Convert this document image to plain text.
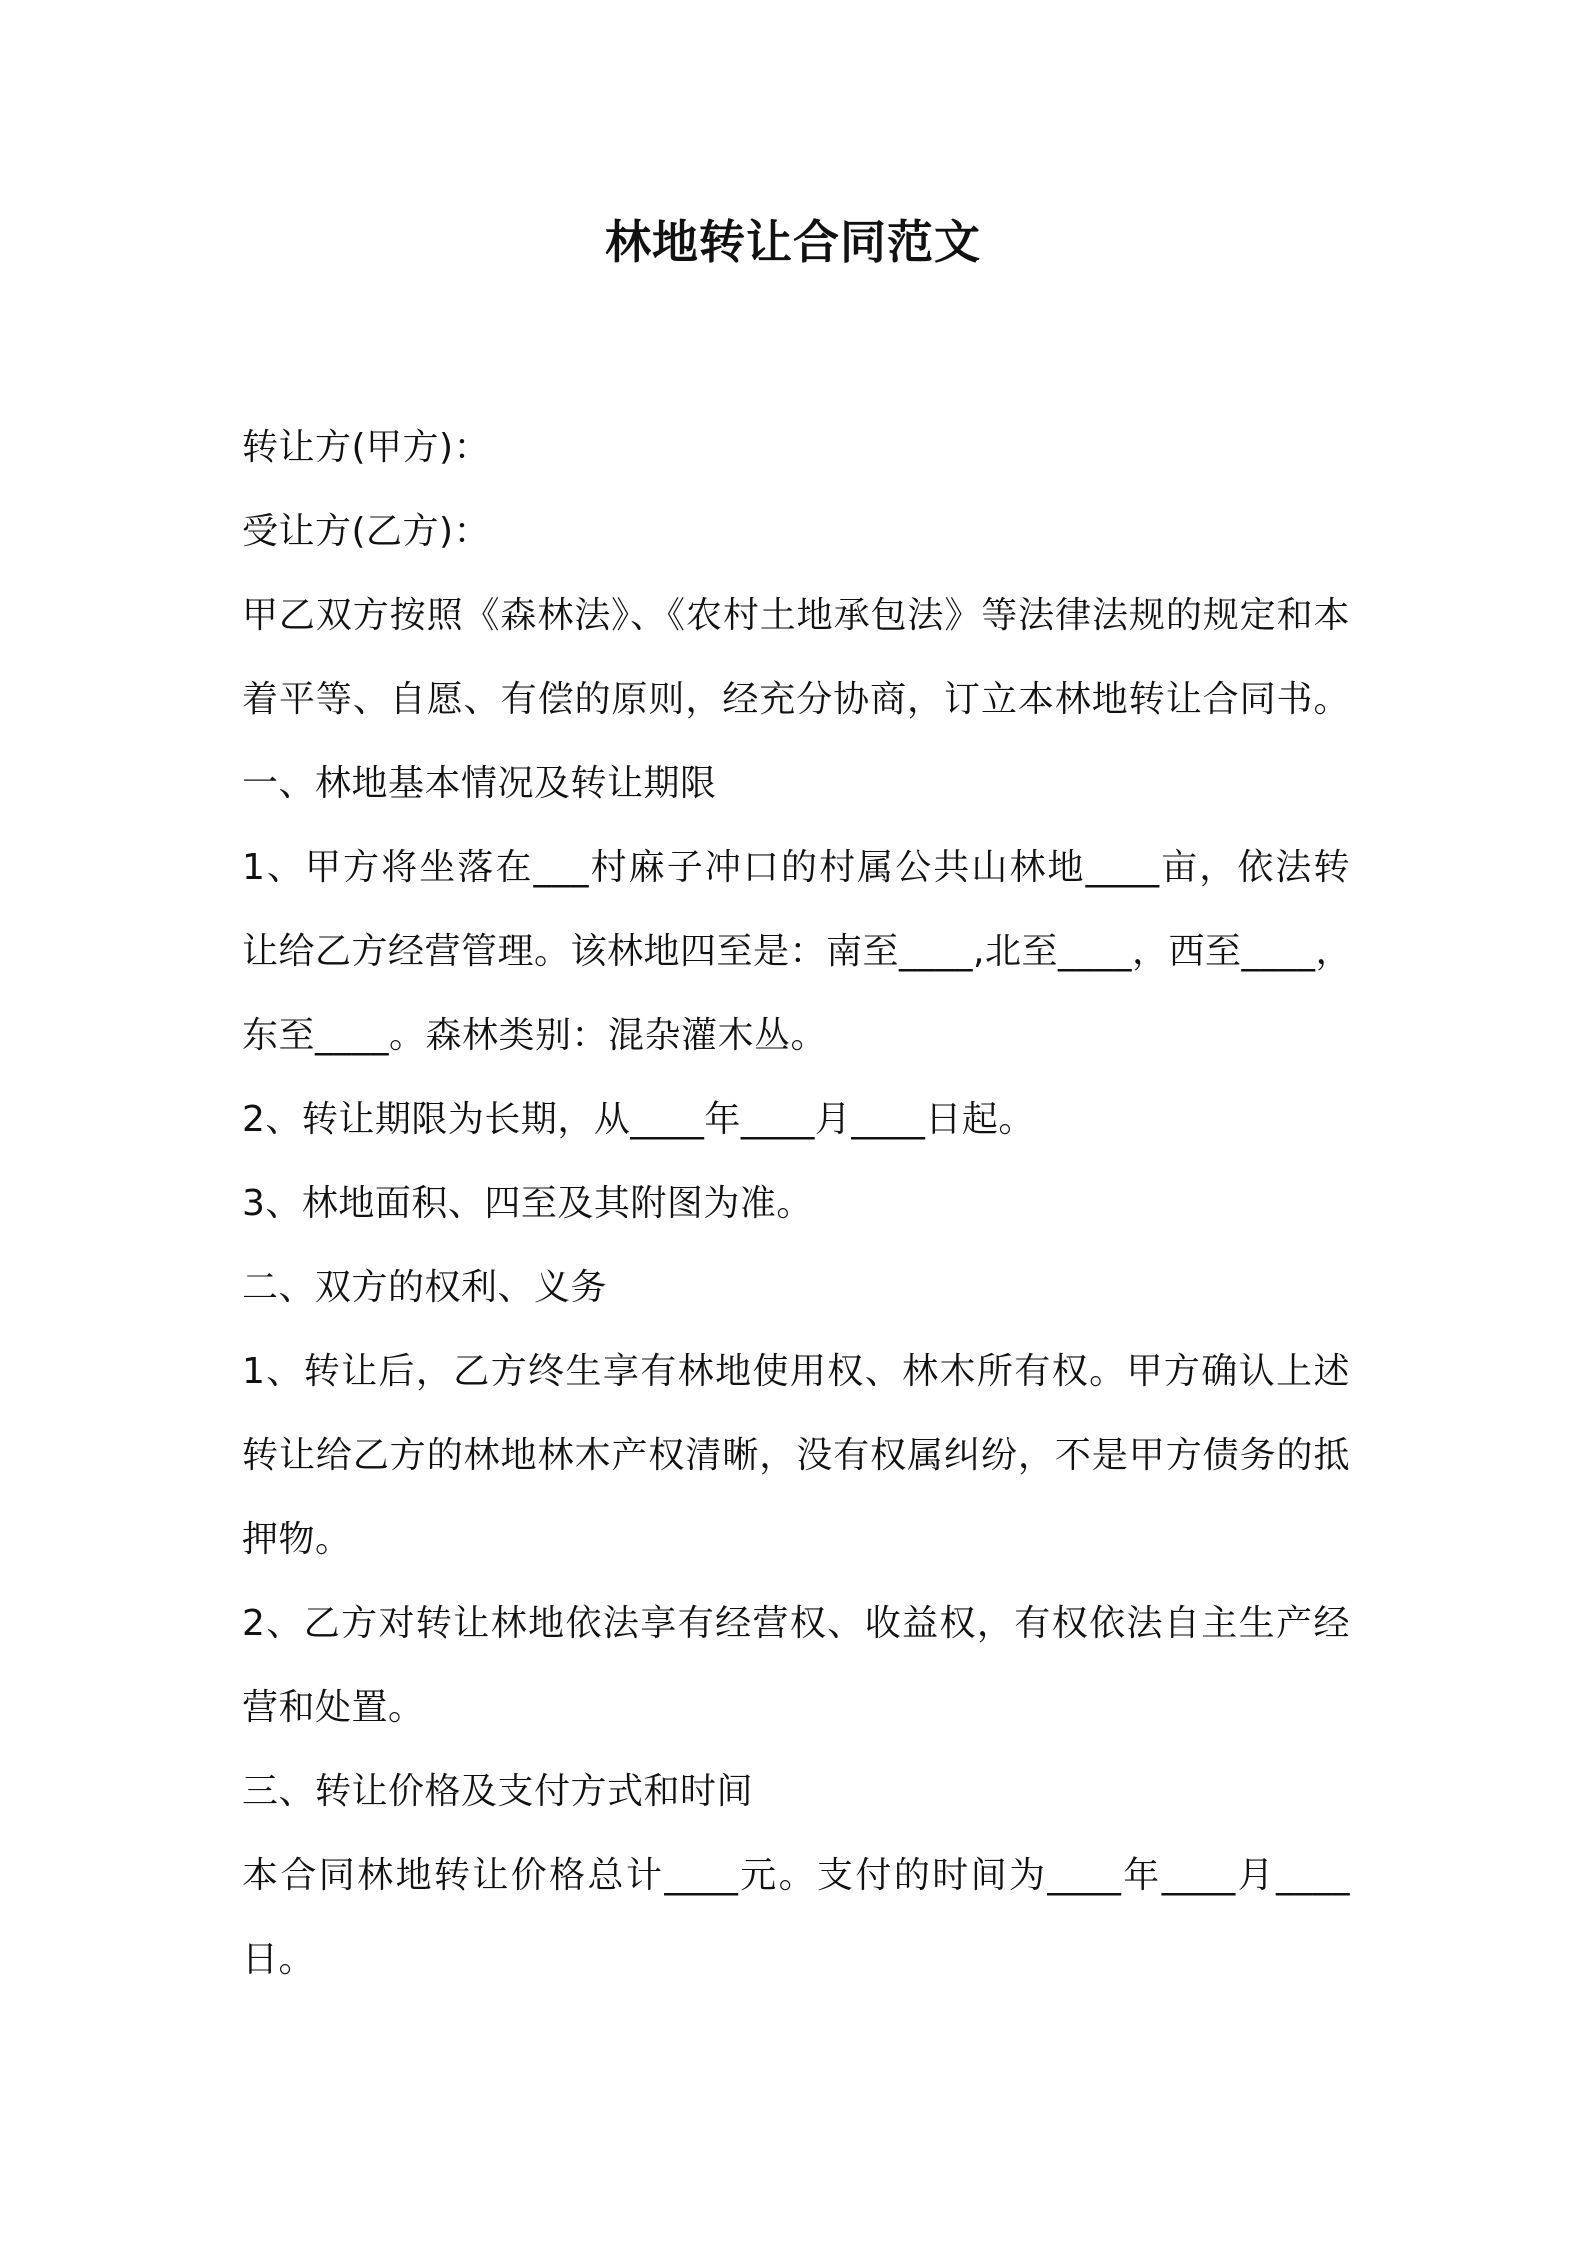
林地转让合同范文
转让方(甲方)：
受让方(乙方)：
甲乙双方按照《森林法》、《农村土地承包法》等法律法规的规定和本
着平等、自愿、有偿的原则，经充分协商，订立本林地转让合同书。
一、林地基本情况及转让期限
1、甲方将坐落在___村麻子冲口的村属公共山林地____亩，依法转
让给乙方经营管理。该林地四至是：南至____,北至____，西至____，
东至____。森林类别：混杂灌木丛。
2、转让期限为长期，从____年____月____日起。
3、林地面积、四至及其附图为准。
二、双方的权利、义务
1、转让后，乙方终生享有林地使用权、林木所有权。甲方确认上述
转让给乙方的林地林木产权清晰，没有权属纠纷，不是甲方债务的抵
押物。
2、乙方对转让林地依法享有经营权、收益权，有权依法自主生产经
营和处置。
三、转让价格及支付方式和时间
本合同林地转让价格总计____元。支付的时间为____年____月____
日。
